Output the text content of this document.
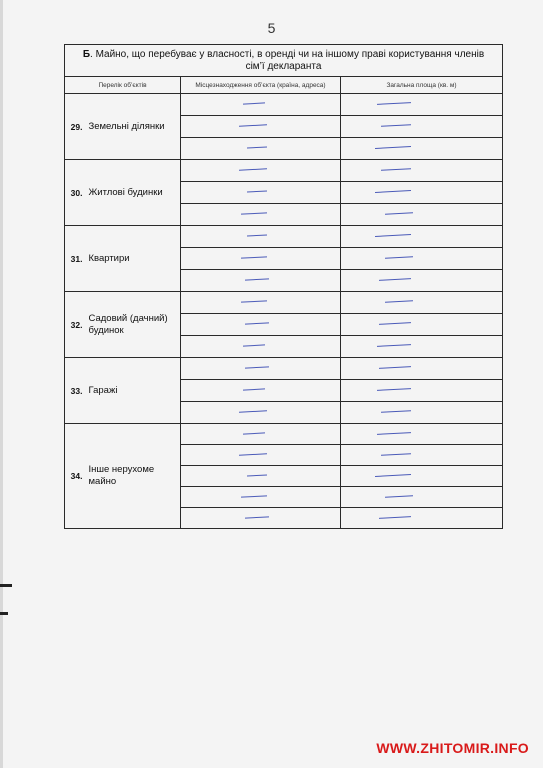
5
Б. Майно, що перебуває у власності, в оренді чи на іншому праві користування членів сім’ї декларанта			
Перелік об’єктів		Місцезнаходження об’єкта (країна, адреса)	Загальна площа (кв. м)
29.	Земельні ділянки	

30.	Житлові будинки	

31.	Квартири	

32.	Садовий (дачний) будинок	

33.	Гаражі	

34.	Інше нерухоме майно	

WWW.ZHITOMIR.INFO
